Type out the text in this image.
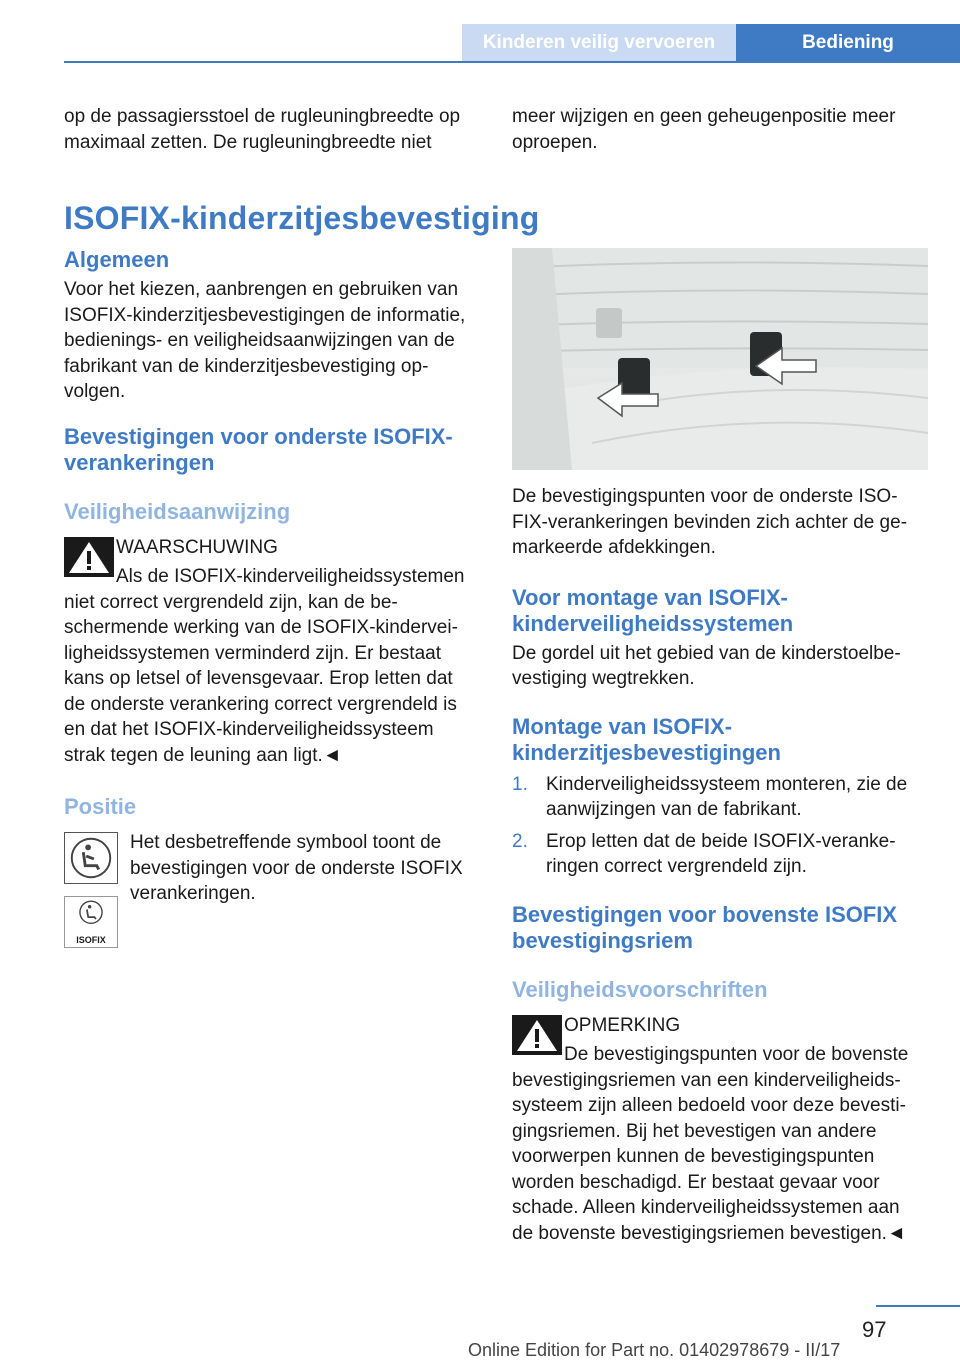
Kinderen veilig vervoeren	Bediening

op de passagiersstoel de rugleuningbreedte op maximaal zetten. De rugleuningbreedte niet

meer wijzigen en geen geheugenpositie meer oproepen.

ISOFIX-kinderzitjesbevestiging
Algemeen

Voor het kiezen, aanbrengen en gebruiken van ISOFIX-kinderzitjesbevestigingen de informatie, bedienings- en veiligheidsaanwijzingen van de fabrikant van de kinderzitjesbevestiging opvolgen.

Bevestigingen voor onderste ISOFIX-verankeringen
Veiligheidsaanwijzing

WAARSCHUWING

Als de ISOFIX-kinderveiligheidssystemen niet correct vergrendeld zijn, kan de beschermende werking van de ISOFIX-kinderveiligheidssystemen verminderd zijn. Er bestaat kans op letsel of levensgevaar. Erop letten dat de onderste verankering correct vergrendeld is en dat het ISOFIX-kinderveiligheidssysteem strak tegen de leuning aan ligt.◄

Positie
ISOFIX

Het desbetreffende symbool toont de bevestigingen voor de onderste ISOFIX verankeringen.

De bevestigingspunten voor de onderste ISOFIX-verankeringen bevinden zich achter de gemarkeerde afdekkingen.

Voor montage van ISOFIX-kinderveiligheidssystemen

De gordel uit het gebied van de kinderstoelbevestiging wegtrekken.

Montage van ISOFIX-kinderzitjesbevestigingen
1. Kinderveiligheidssysteem monteren, zie de aanwijzingen van de fabrikant.
2. Erop letten dat de beide ISOFIX-verankeringen correct vergrendeld zijn.
Bevestigingen voor bovenste ISOFIX bevestigingsriem
Veiligheidsvoorschriften

OPMERKING

De bevestigingspunten voor de bovenste bevestigingsriemen van een kinderveiligheidssysteem zijn alleen bedoeld voor deze bevestigingsriemen. Bij het bevestigen van andere voorwerpen kunnen de bevestigingspunten worden beschadigd. Er bestaat gevaar voor schade. Alleen kinderveiligheidssystemen aan de bovenste bevestigingsriemen bevestigen.◄

97
Online Edition for Part no. 01402978679 - II/17
